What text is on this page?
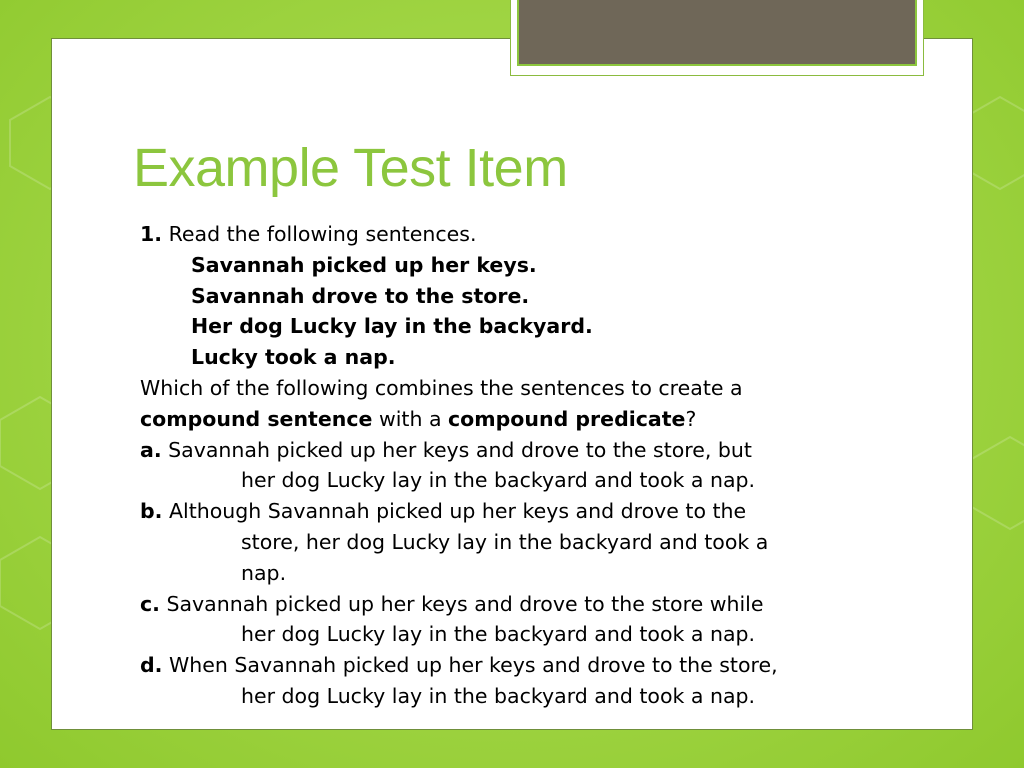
Example Test Item
1. Read the following sentences.
Savannah picked up her keys.
Savannah drove to the store.
Her dog Lucky lay in the backyard.
Lucky took a nap.
Which of the following combines the sentences to create a
compound sentence with a compound predicate?
a. Savannah picked up her keys and drove to the store, but
her dog Lucky lay in the backyard and took a nap.
b. Although Savannah picked up her keys and drove to the
store, her dog Lucky lay in the backyard and took a
nap.
c. Savannah picked up her keys and drove to the store while
her dog Lucky lay in the backyard and took a nap.
d. When Savannah picked up her keys and drove to the store,
her dog Lucky lay in the backyard and took a nap.
